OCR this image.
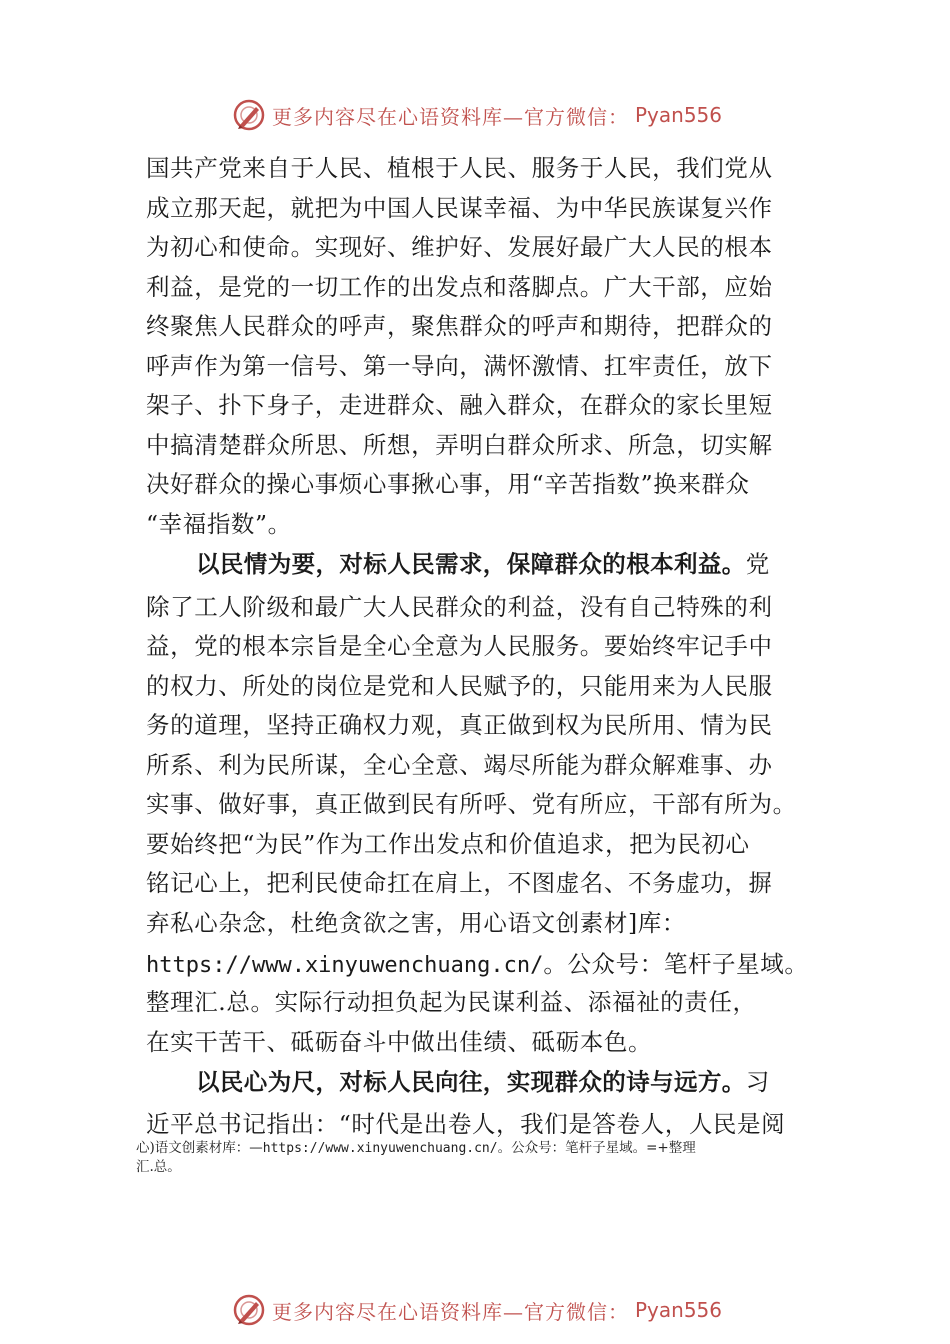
更多内容尽在心语资料库—官方微信： Pyan556
国共产党来自于人民、植根于人民、服务于人民，我们党从
成立那天起，就把为中国人民谋幸福、为中华民族谋复兴作
为初心和使命。实现好、维护好、发展好最广大人民的根本
利益，是党的一切工作的出发点和落脚点。广大干部，应始
终聚焦人民群众的呼声，聚焦群众的呼声和期待，把群众的
呼声作为第一信号、第一导向，满怀激情、扛牢责任，放下
架子、扑下身子，走进群众、融入群众，在群众的家长里短
中搞清楚群众所思、所想，弄明白群众所求、所急，切实解
决好群众的操心事烦心事揪心事，用“辛苦指数”换来群众
“幸福指数”。
以民情为要，对标人民需求，保障群众的根本利益。党
除了工人阶级和最广大人民群众的利益，没有自己特殊的利
益，党的根本宗旨是全心全意为人民服务。要始终牢记手中
的权力、所处的岗位是党和人民赋予的，只能用来为人民服
务的道理，坚持正确权力观，真正做到权为民所用、情为民
所系、利为民所谋，全心全意、竭尽所能为群众解难事、办
实事、做好事，真正做到民有所呼、党有所应，干部有所为。
要始终把“为民”作为工作出发点和价值追求，把为民初心
铭记心上，把利民使命扛在肩上，不图虚名、不务虚功，摒
弃私心杂念，杜绝贪欲之害，用心语文创素材]库：
https://www.xinyuwenchuang.cn/。公众号：笔杆子星域。
整理汇.总。实际行动担负起为民谋利益、添福祉的责任，
在实干苦干、砥砺奋斗中做出佳绩、砥砺本色。
以民心为尺，对标人民向往，实现群众的诗与远方。习
近平总书记指出：“时代是出卷人，我们是答卷人，人民是阅
心)语文创素材库：—https://www.xinyuwenchuang.cn/。公众号：笔杆子星域。=+整理
汇.总。
更多内容尽在心语资料库—官方微信： Pyan556
